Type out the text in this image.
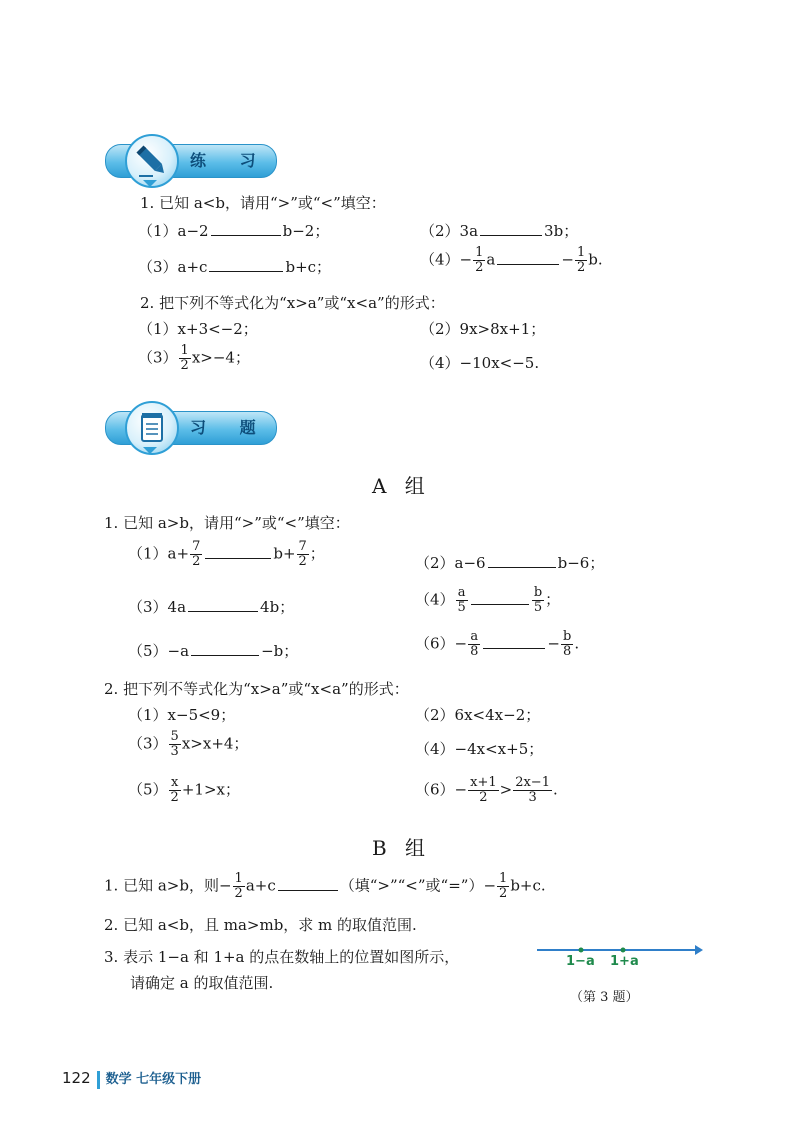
练 习
1. 已知 a<b，请用“>”或“<”填空：
（1）a−2	b−2；	（2）3a	3b；
（3）a+c	b+c；	$(4)- \frac{1}{2}$ a	− $\frac{1}{2} b$.
2. 把下列不等式化为“x>a”或“x<a”的形式：
（1）x+3<−2；	（2）9x>8x+1；
$(3) \frac{1}{2} x>-4$；	（4）−10x<−5.
习 题
A 组
1. 已知 a>b，请用“>”或“<”填空：
$(1)a+ \frac{7}{2}$	$b+ \frac{7}{2}$ ；
（2）a−6	b−6；
（3）4a	4b；	$(4) \frac{a}{5}$	$\frac{b}{5}$ ；
（5）−a	−b；	$(6)- \frac{a}{8}$	− $\frac{b}{8}$ .
2. 把下列不等式化为“x>a”或“x<a”的形式：
（1）x−5<9；	（2）6x<4x−2；
$(3) \frac{5}{3} x>x+4$；	（4）−4x<x+5；
$(5) \frac{x}{2} +1>x$；	$(6)- \frac{x+1}{2} > \frac{2x-1}{3}$ .
B 组
1. 已知 a>b，则− $\frac{1}{2} a+c$	（填“>”“<”或“=”）− $\frac{1}{2} b+c$.
2. 已知 a<b，且 ma>mb，求 m 的取值范围.
3. 表示 1−a 和 1+a 的点在数轴上的位置如图所示，
请确定 a 的取值范围.
1−a 1+a
（第 3 题）
122 数学 七年级下册
